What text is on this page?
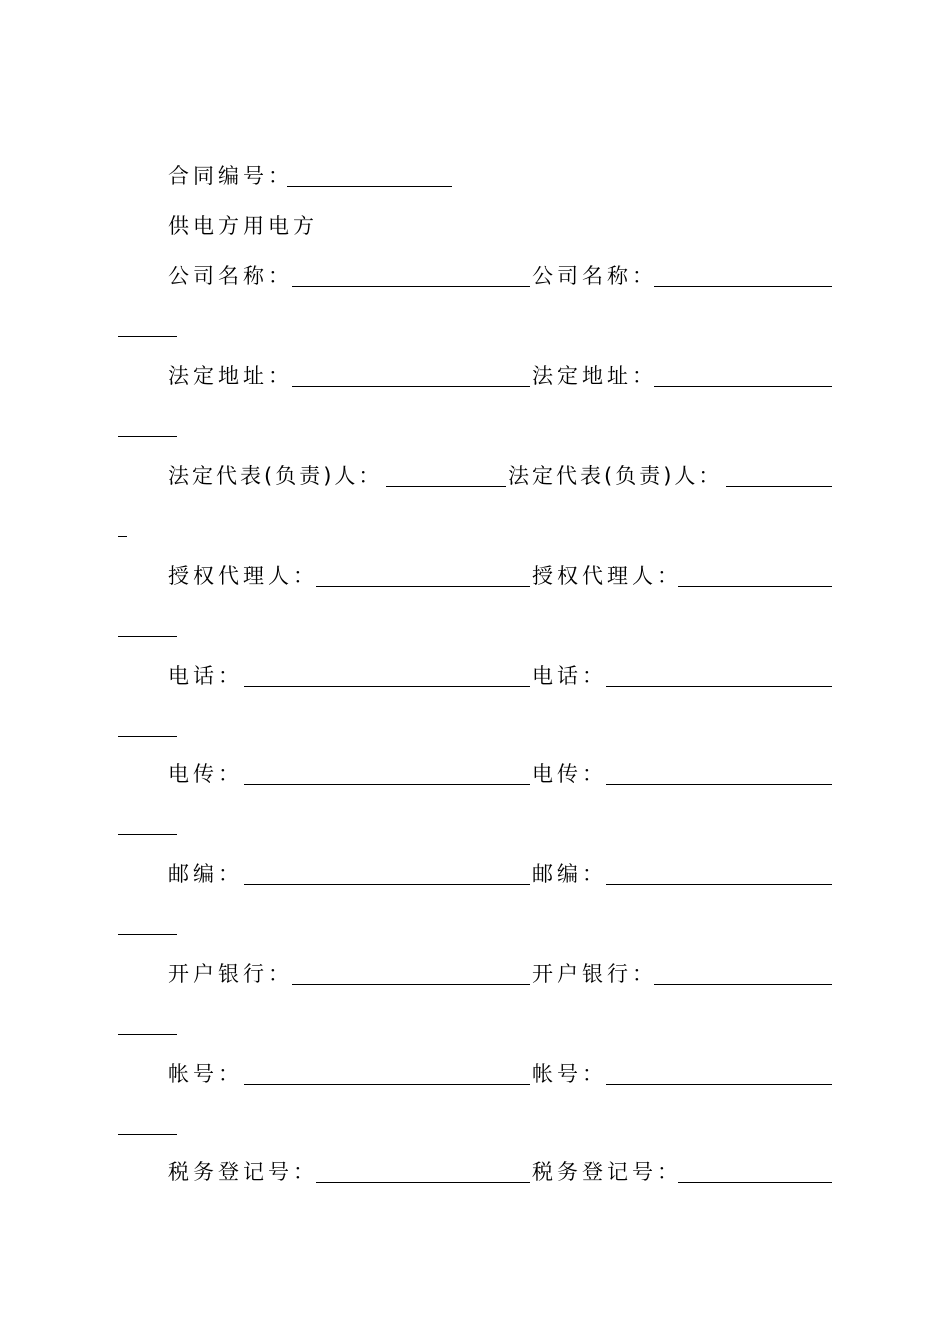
合同编号：
供电方用电方
公司名称：	公司名称：
法定地址：	法定地址：
法定代表(负责)人：	法定代表(负责)人：
授权代理人：	授权代理人：
电话：	电话：
电传：	电传：
邮编：	邮编：
开户银行：	开户银行：
帐号：	帐号：
税务登记号：	税务登记号：
